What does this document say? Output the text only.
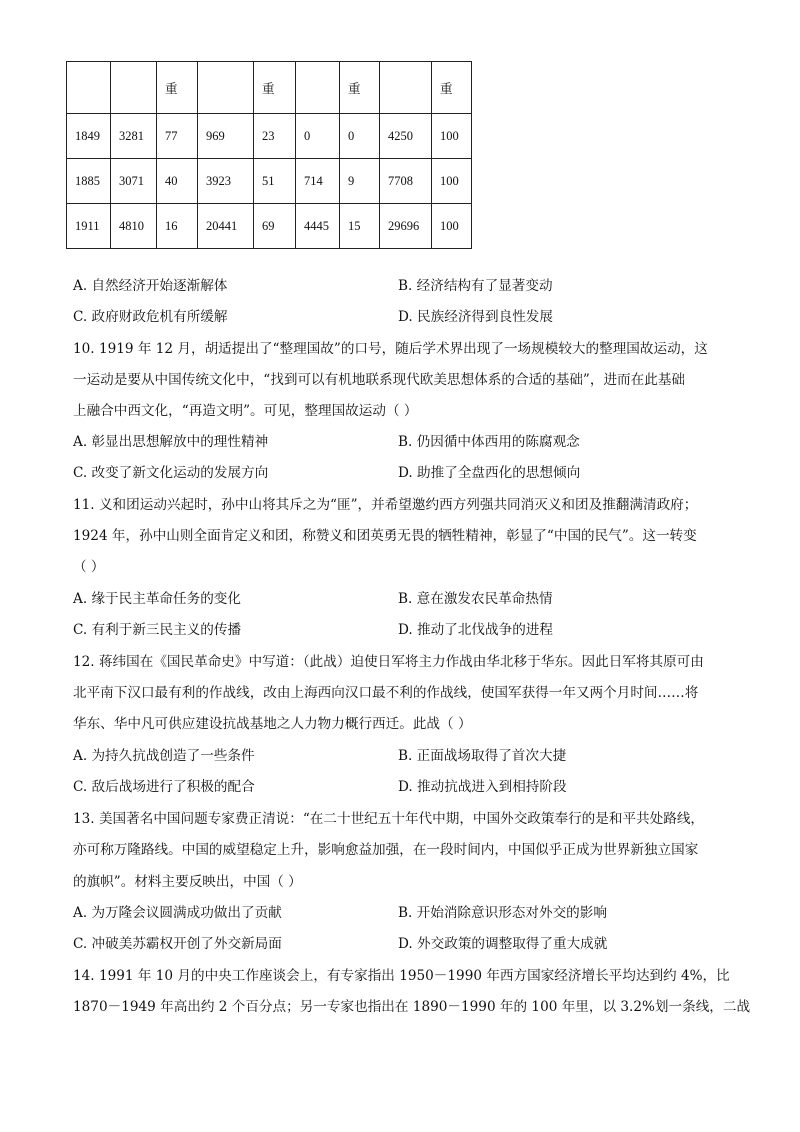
		重		重		重		重
1849	3281	77	969	23	0	0	4250	100
1885	3071	40	3923	51	714	9	7708	100
1911	4810	16	20441	69	4445	15	29696	100
A. 自然经济开始逐渐解体	B. 经济结构有了显著变动
C. 政府财政危机有所缓解	D. 民族经济得到良性发展
10. 1919 年 12 月，胡适提出了“整理国故”的口号，随后学术界出现了一场规模较大的整理国故运动，这
一运动是要从中国传统文化中，“找到可以有机地联系现代欧美思想体系的合适的基础”，进而在此基础
上融合中西文化，“再造文明”。可见，整理国故运动（ ）
A. 彰显出思想解放中的理性精神	B. 仍因循中体西用的陈腐观念
C. 改变了新文化运动的发展方向	D. 助推了全盘西化的思想倾向
11. 义和团运动兴起时，孙中山将其斥之为“匪”，并希望邀约西方列强共同消灭义和团及推翻满清政府；
1924 年，孙中山则全面肯定义和团，称赞义和团英勇无畏的牺牲精神，彰显了“中国的民气”。这一转变
（ ）
A. 缘于民主革命任务的变化	B. 意在激发农民革命热情
C. 有利于新三民主义的传播	D. 推动了北伐战争的进程
12. 蒋纬国在《国民革命史》中写道：（此战）迫使日军将主力作战由华北移于华东。因此日军将其原可由
北平南下汉口最有利的作战线，改由上海西向汉口最不利的作战线，使国军获得一年又两个月时间……将
华东、华中凡可供应建设抗战基地之人力物力概行西迁。此战（ ）
A. 为持久抗战创造了一些条件	B. 正面战场取得了首次大捷
C. 敌后战场进行了积极的配合	D. 推动抗战进入到相持阶段
13. 美国著名中国问题专家费正清说：“在二十世纪五十年代中期，中国外交政策奉行的是和平共处路线，
亦可称万隆路线。中国的威望稳定上升，影响愈益加强，在一段时间内，中国似乎正成为世界新独立国家
的旗帜”。材料主要反映出，中国（ ）
A. 为万隆会议圆满成功做出了贡献	B. 开始消除意识形态对外交的影响
C. 冲破美苏霸权开创了外交新局面	D. 外交政策的调整取得了重大成就
14. 1991 年 10 月的中央工作座谈会上，有专家指出 1950－1990 年西方国家经济增长平均达到约 4%，比
1870－1949 年高出约 2 个百分点；另一专家也指出在 1890－1990 年的 100 年里，以 3.2%划一条线，二战
